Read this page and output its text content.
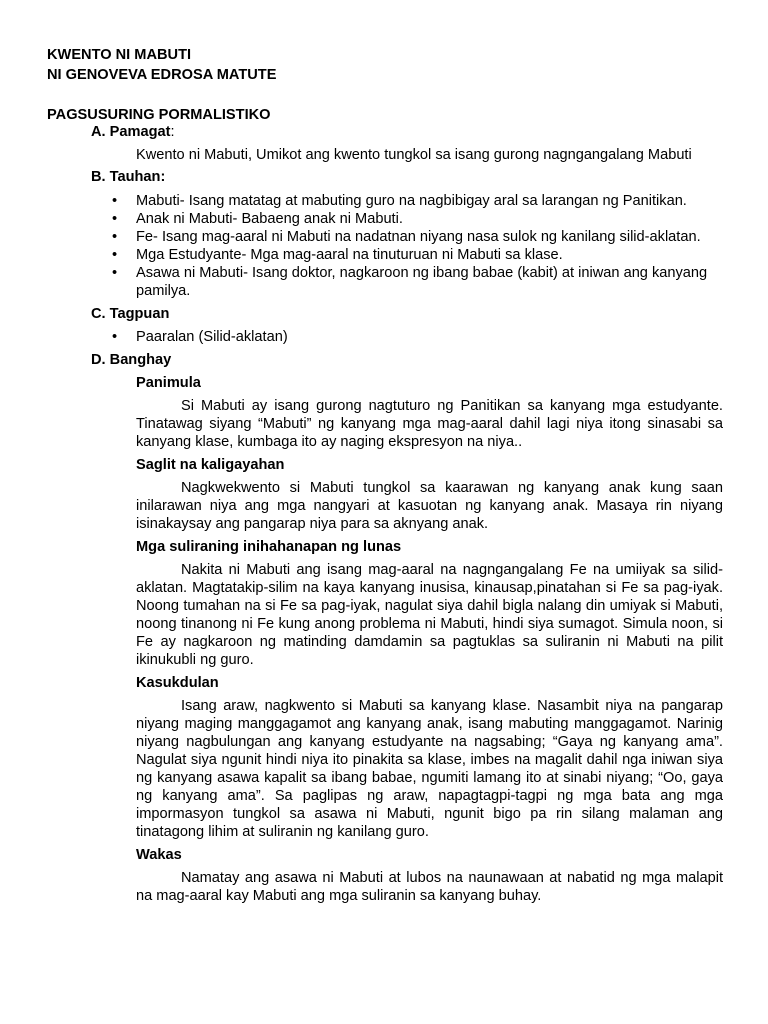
KWENTO NI MABUTI

NI GENOVEVA EDROSA MATUTE

PAGSUSURING PORMALISTIKO

A. Pamagat:

Kwento ni Mabuti, Umikot ang kwento tungkol sa isang gurong nagngangalang Mabuti

B. Tauhan:

• Mabuti- Isang matatag at mabuting guro na nagbibigay aral sa larangan ng Panitikan.
• Anak ni Mabuti- Babaeng anak ni Mabuti.
• Fe- Isang mag-aaral ni Mabuti na nadatnan niyang nasa sulok ng kanilang silid-aklatan.
• Mga Estudyante- Mga mag-aaral na tinuturuan ni Mabuti sa klase.
• Asawa ni Mabuti- Isang doktor, nagkaroon ng ibang babae (kabit) at iniwan ang kanyang pamilya.

C. Tagpuan

• Paaralan (Silid-aklatan)

D. Banghay

Panimula

Si Mabuti ay isang gurong nagtuturo ng Panitikan sa kanyang mga estudyante. Tinatawag siyang “Mabuti” ng kanyang mga mag-aaral dahil lagi niya itong sinasabi sa kanyang klase, kumbaga ito ay naging ekspresyon na niya..

Saglit na kaligayahan

Nagkwekwento si Mabuti tungkol sa kaarawan ng kanyang anak kung saan inilarawan niya ang mga nangyari at kasuotan ng kanyang anak. Masaya rin niyang isinakaysay ang pangarap niya para sa aknyang anak.

Mga suliraning inihahanapan ng lunas

Nakita ni Mabuti ang isang mag-aaral na nagngangalang Fe na umiiyak sa silid-aklatan. Magtatakip-silim na kaya kanyang inusisa, kinausap,pinatahan si Fe sa pag-iyak. Noong tumahan na si Fe sa pag-iyak, nagulat siya dahil bigla nalang din umiyak si Mabuti, noong tinanong ni Fe kung anong problema ni Mabuti, hindi siya sumagot. Simula noon, si Fe ay nagkaroon ng matinding damdamin sa pagtuklas sa suliranin ni Mabuti na pilit ikinukubli ng guro.

Kasukdulan

Isang araw, nagkwento si Mabuti sa kanyang klase. Nasambit niya na pangarap niyang maging manggagamot ang kanyang anak, isang mabuting manggagamot. Narinig niyang nagbulungan ang kanyang estudyante na nagsabing; “Gaya ng kanyang ama”. Nagulat siya ngunit hindi niya ito pinakita sa klase, imbes na magalit dahil nga iniwan siya ng kanyang asawa kapalit sa ibang babae, ngumiti lamang ito at sinabi niyang; “Oo, gaya ng kanyang ama”. Sa paglipas ng araw, napagtagpi-tagpi ng mga bata ang mga impormasyon tungkol sa asawa ni Mabuti, ngunit bigo pa rin silang malaman ang tinatagong lihim at suliranin ng kanilang guro.

Wakas

Namatay ang asawa ni Mabuti at lubos na naunawaan at nabatid ng mga malapit na mag-aaral kay Mabuti ang mga suliranin sa kanyang buhay.
